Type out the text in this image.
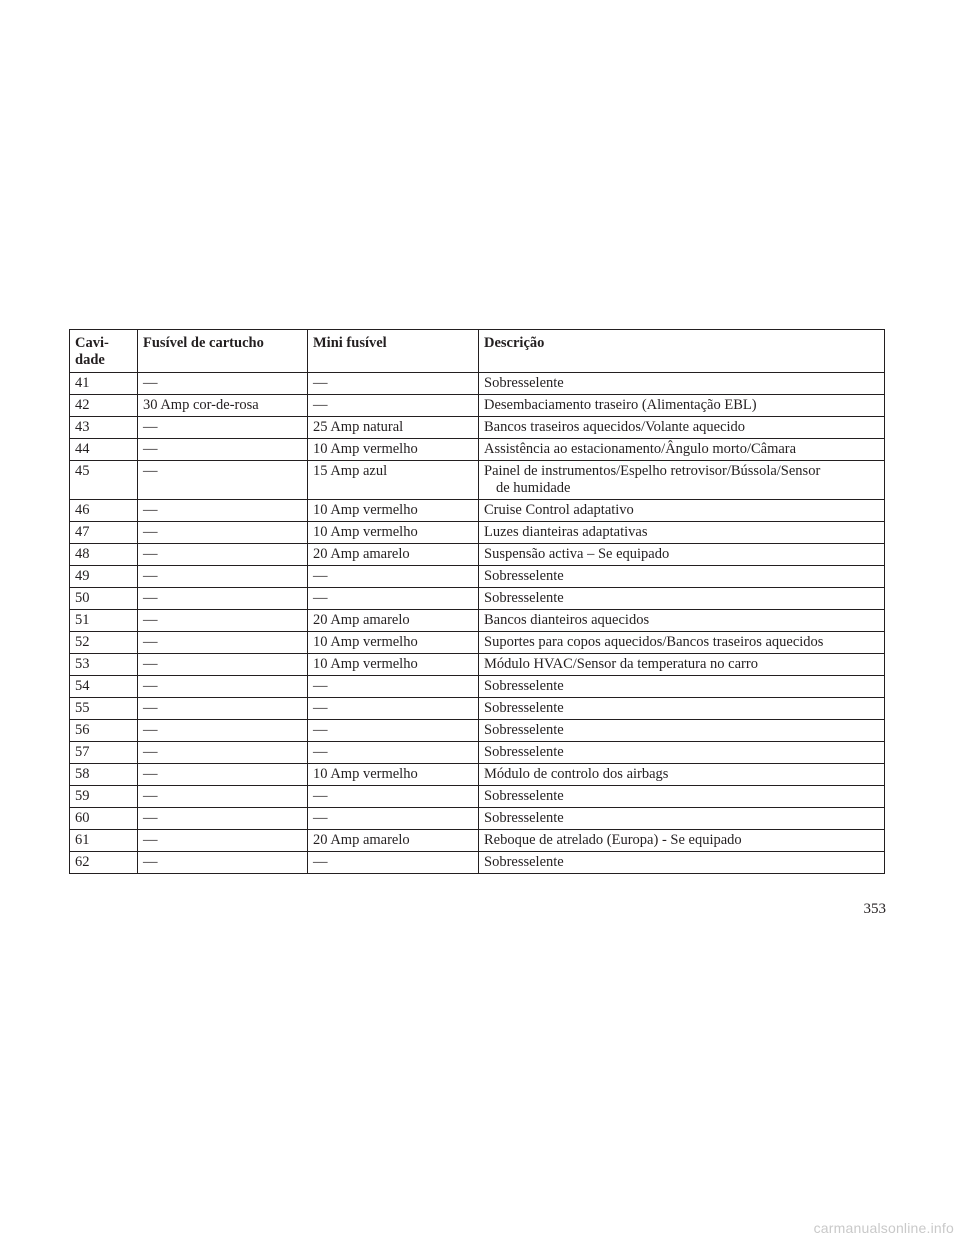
Cavi-
dade	Fusível de cartucho	Mini fusível	Descrição
41	—	—	Sobresselente
42	30 Amp cor-de-rosa	—	Desembaciamento traseiro (Alimentação EBL)
43	—	25 Amp natural	Bancos traseiros aquecidos/Volante aquecido
44	—	10 Amp vermelho	Assistência ao estacionamento/Ângulo morto/Câmara
45	—	15 Amp azul	Painel de instrumentos/Espelho retrovisor/Bússola/Sensor
de humidade

46	—	10 Amp vermelho	Cruise Control adaptativo
47	—	10 Amp vermelho	Luzes dianteiras adaptativas
48	—	20 Amp amarelo	Suspensão activa – Se equipado
49	—	—	Sobresselente
50	—	—	Sobresselente
51	—	20 Amp amarelo	Bancos dianteiros aquecidos
52	—	10 Amp vermelho	Suportes para copos aquecidos/Bancos traseiros aquecidos
53	—	10 Amp vermelho	Módulo HVAC/Sensor da temperatura no carro
54	—	—	Sobresselente
55	—	—	Sobresselente
56	—	—	Sobresselente
57	—	—	Sobresselente
58	—	10 Amp vermelho	Módulo de controlo dos airbags
59	—	—	Sobresselente
60	—	—	Sobresselente
61	—	20 Amp amarelo	Reboque de atrelado (Europa) - Se equipado
62	—	—	Sobresselente
353
carmanualsonline.info
